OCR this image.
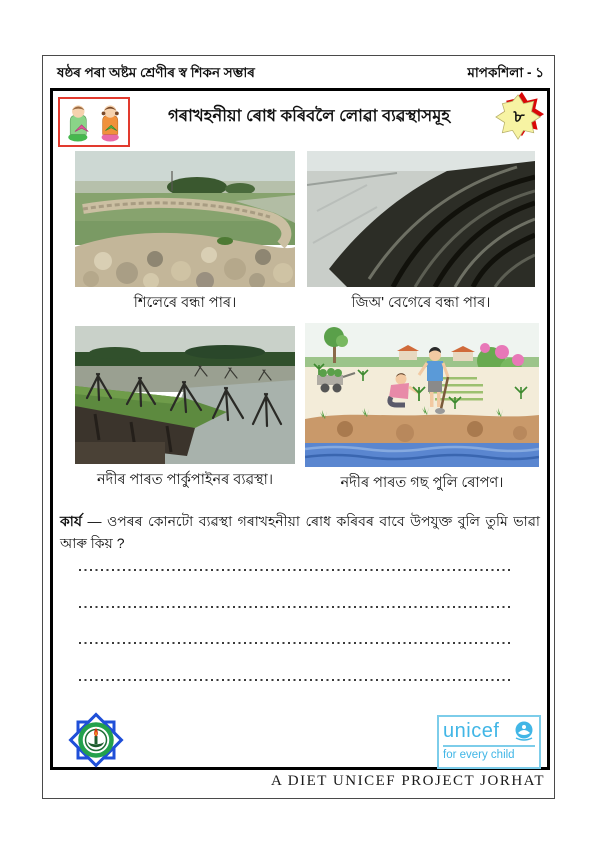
ষষ্ঠৰ পৰা অষ্টম শ্ৰেণীৰ স্ব শিকন সম্ভাৰ	মাপকশিলা - ১
গৰাখহনীয়া ৰোধ কৰিবলৈ লোৱা ব্যৱস্থাসমূহ	৮
শিলেৰে বন্ধা পাৰ।	জিঅ' বেগেৰে বন্ধা পাৰ।
নদীৰ পাৰত পাৰ্কুপাইনৰ ব্যৱস্থা।	নদীৰ পাৰত গছ পুলি ৰোপণ।
কাৰ্য — ওপৰৰ কোনটো ব্যৱস্থা গৰাখহনীয়া ৰোধ কৰিবৰ বাবে উপযুক্ত বুলি তুমি ভাৱা আৰু কিয় ?
unicef
for every child
A DIET UNICEF PROJECT JORHAT
